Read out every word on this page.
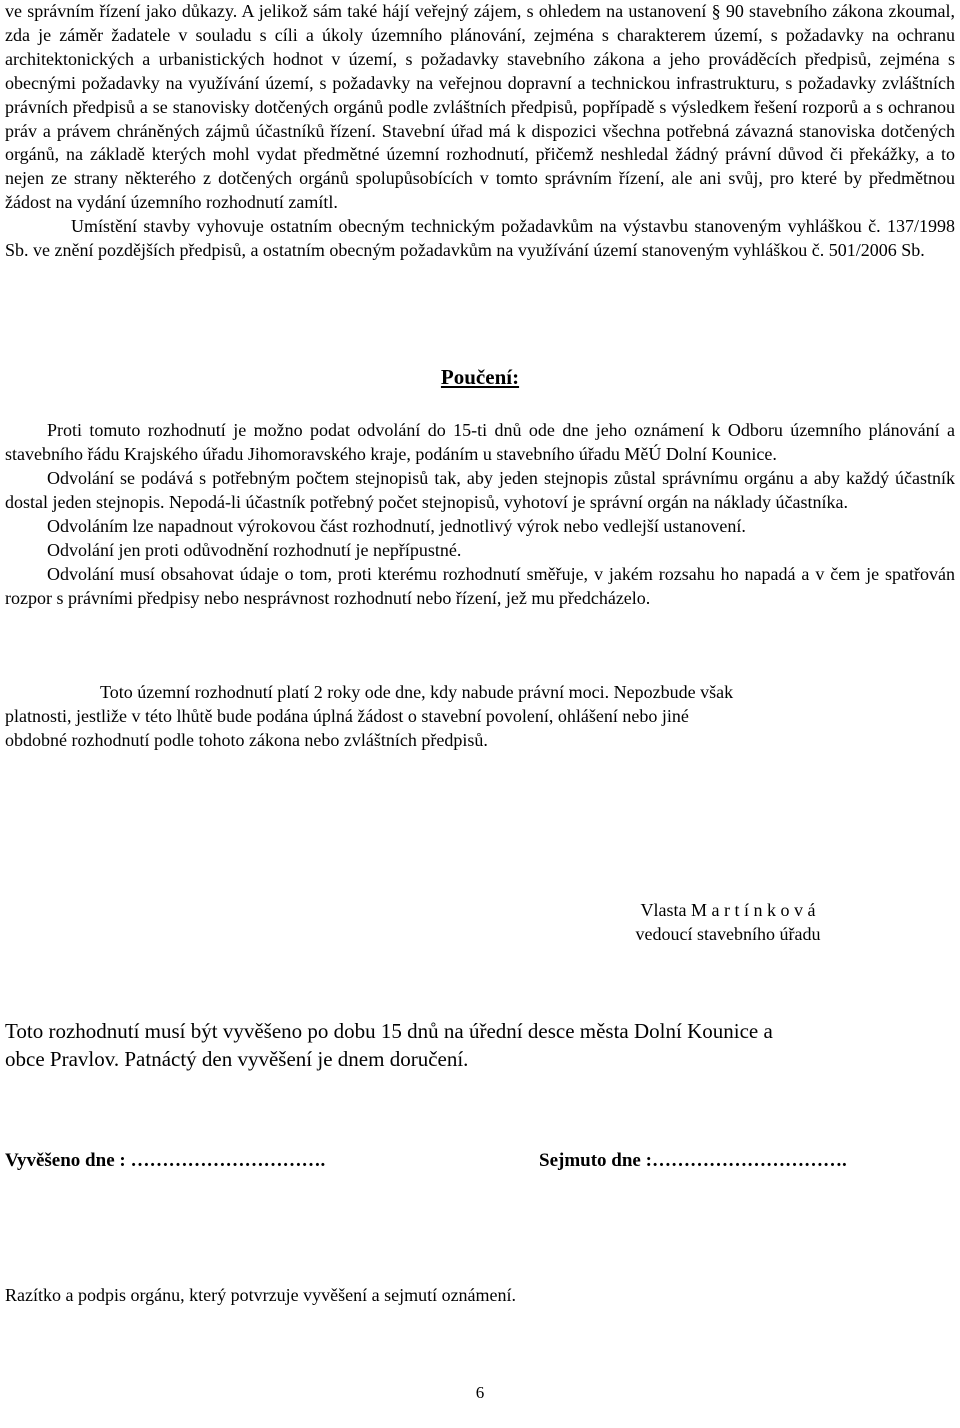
ve správním řízení jako důkazy. A jelikož sám také hájí veřejný zájem, s ohledem na ustanovení § 90 stavebního zákona zkoumal, zda je záměr žadatele v souladu s cíli a úkoly územního plánování, zejména s charakterem území, s požadavky na ochranu architektonických a urbanistických hodnot v území, s požadavky stavebního zákona a jeho prováděcích předpisů, zejména s obecnými požadavky na využívání území, s požadavky na veřejnou dopravní a technickou infrastrukturu, s požadavky zvláštních právních předpisů a se stanovisky dotčených orgánů podle zvláštních předpisů, popřípadě s výsledkem řešení rozporů a s ochranou práv a právem chráněných zájmů účastníků řízení. Stavební úřad má k dispozici všechna potřebná závazná stanoviska dotčených orgánů, na základě kterých mohl vydat předmětné územní rozhodnutí, přičemž neshledal žádný právní důvod či překážky, a to nejen ze strany některého z dotčených orgánů spolupůsobících v tomto správním řízení, ale ani svůj, pro které by předmětnou žádost na vydání územního rozhodnutí zamítl.

Umístění stavby vyhovuje ostatním obecným technickým požadavkům na výstavbu stanoveným vyhláškou č. 137/1998 Sb. ve znění pozdějších předpisů, a ostatním obecným požadavkům na využívání území stanoveným vyhláškou č. 501/2006 Sb.

Poučení:

Proti tomuto rozhodnutí je možno podat odvolání do 15-ti dnů ode dne jeho oznámení k Odboru územního plánování a stavebního řádu Krajského úřadu Jihomoravského kraje, podáním u stavebního úřadu MěÚ Dolní Kounice.

Odvolání se podává s potřebným počtem stejnopisů tak, aby jeden stejnopis zůstal správnímu orgánu a aby každý účastník dostal jeden stejnopis. Nepodá-li účastník potřebný počet stejnopisů, vyhotoví je správní orgán na náklady účastníka.

Odvoláním lze napadnout výrokovou část rozhodnutí, jednotlivý výrok nebo vedlejší ustanovení.

Odvolání jen proti odůvodnění rozhodnutí je nepřípustné.

Odvolání musí obsahovat údaje o tom, proti kterému rozhodnutí směřuje, v jakém rozsahu ho napadá a v čem je spatřován rozpor s právními předpisy nebo nesprávnost rozhodnutí nebo řízení, jež mu předcházelo.

Toto územní rozhodnutí platí 2 roky ode dne, kdy nabude právní moci. Nepozbude však
platnosti, jestliže v této lhůtě bude podána úplná žádost o stavební povolení, ohlášení nebo jiné
obdobné rozhodnutí podle tohoto zákona nebo zvláštních předpisů.
Vlasta M a r t í n k o v á
vedoucí stavebního úřadu
Toto rozhodnutí musí být vyvěšeno po dobu 15 dnů na úřední desce města Dolní Kounice a
obce Pravlov. Patnáctý den vyvěšení je dnem doručení.
Vyvěšeno dne : ………………………….	Sejmuto dne :………………………….

Razítko a podpis orgánu, který potvrzuje vyvěšení a sejmutí oznámení.

6
